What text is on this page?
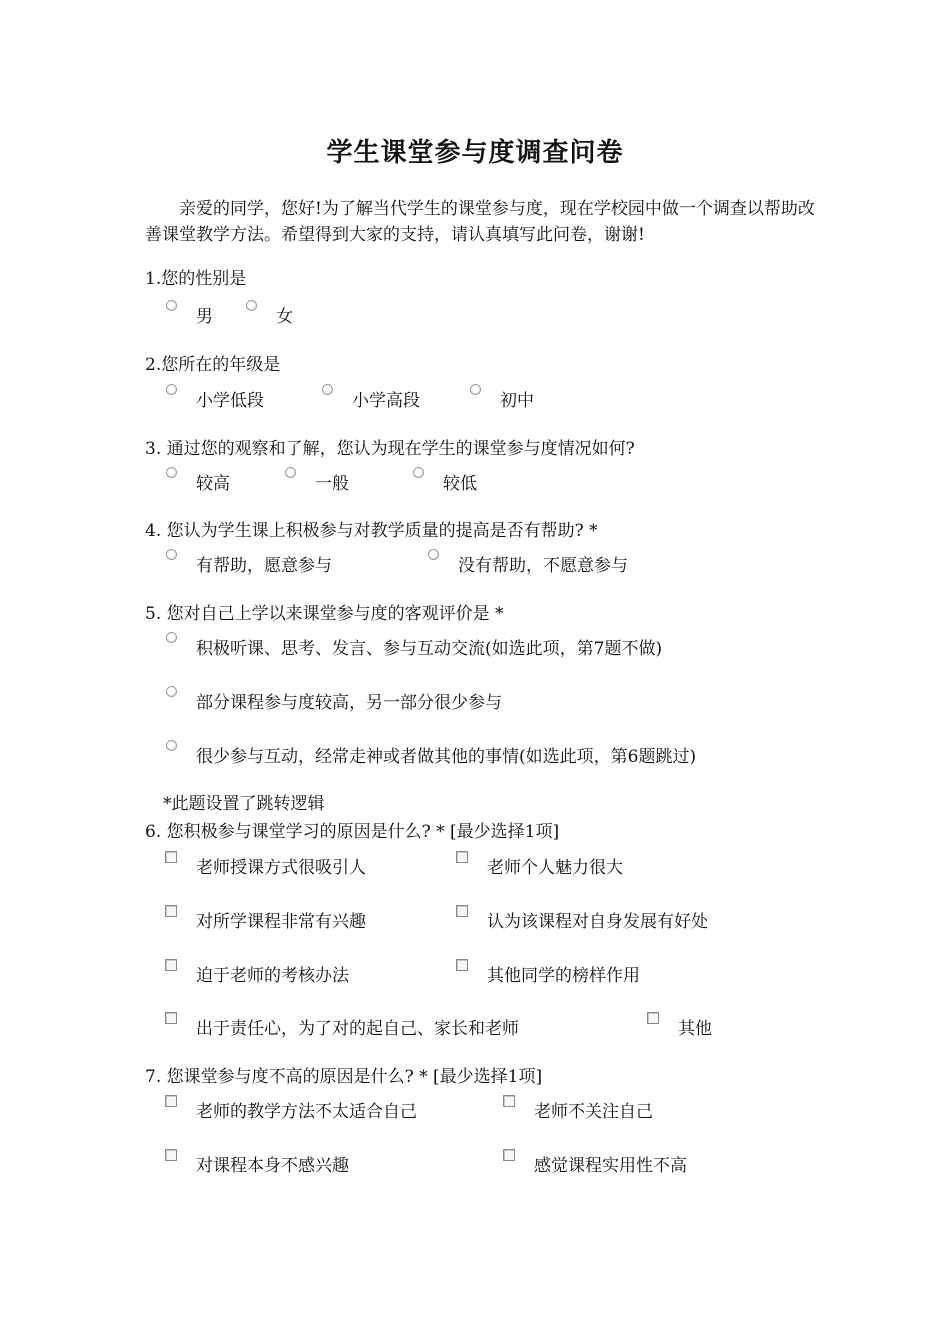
学生课堂参与度调查问卷
亲爱的同学，您好!为了解当代学生的课堂参与度，现在学校园中做一个调查以帮助改善课堂教学方法。希望得到大家的支持，请认真填写此问卷，谢谢!
1.您的性别是
男	女
2.您所在的年级是
小学低段	小学高段	初中
3. 通过您的观察和了解，您认为现在学生的课堂参与度情况如何?
较高	一般	较低
4. 您认为学生课上积极参与对教学质量的提高是否有帮助? *
有帮助，愿意参与	没有帮助，不愿意参与
5. 您对自己上学以来课堂参与度的客观评价是 *
积极听课、思考、发言、参与互动交流(如选此项，第7题不做)
部分课程参与度较高，另一部分很少参与
很少参与互动，经常走神或者做其他的事情(如选此项，第6题跳过)
*此题设置了跳转逻辑
6. 您积极参与课堂学习的原因是什么? * [最少选择1项]
老师授课方式很吸引人	老师个人魅力很大
对所学课程非常有兴趣	认为该课程对自身发展有好处
迫于老师的考核办法	其他同学的榜样作用
出于责任心，为了对的起自己、家长和老师	其他
7. 您课堂参与度不高的原因是什么? * [最少选择1项]
老师的教学方法不太适合自己	老师不关注自己
对课程本身不感兴趣	感觉课程实用性不高
